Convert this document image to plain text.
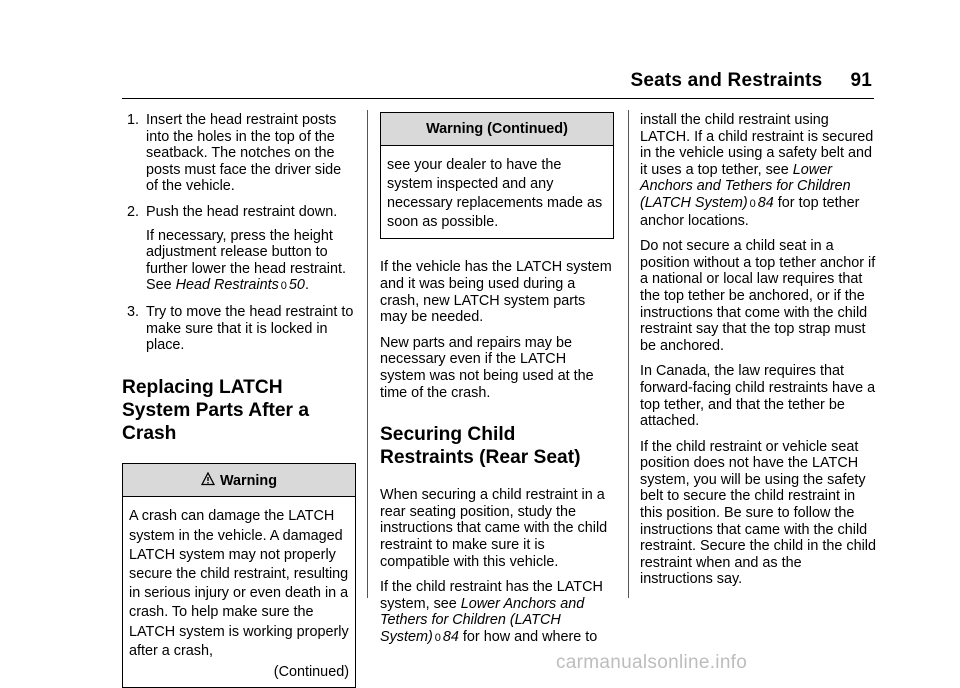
Seats and Restraints 91
1. Insert the head restraint posts into the holes in the top of the seatback. The notches on the posts must face the driver side of the vehicle.
2. Push the head restraint down.
If necessary, press the height adjustment release button to further lower the head restraint. See Head Restraints 0 50.
3. Try to move the head restraint to make sure that it is locked in place.
Replacing LATCH System Parts After a Crash
Warning
A crash can damage the LATCH system in the vehicle. A damaged LATCH system may not properly secure the child restraint, resulting in serious injury or even death in a crash. To help make sure the LATCH system is working properly after a crash,
(Continued)
Warning (Continued)
see your dealer to have the system inspected and any necessary replacements made as soon as possible.

If the vehicle has the LATCH system and it was being used during a crash, new LATCH system parts may be needed.

New parts and repairs may be necessary even if the LATCH system was not being used at the time of the crash.

Securing Child Restraints (Rear Seat)

When securing a child restraint in a rear seating position, study the instructions that came with the child restraint to make sure it is compatible with this vehicle.

If the child restraint has the LATCH system, see Lower Anchors and Tethers for Children (LATCH System) 0 84 for how and where to

install the child restraint using LATCH. If a child restraint is secured in the vehicle using a safety belt and it uses a top tether, see Lower Anchors and Tethers for Children (LATCH System) 0 84 for top tether anchor locations.

Do not secure a child seat in a position without a top tether anchor if a national or local law requires that the top tether be anchored, or if the instructions that come with the child restraint say that the top strap must be anchored.

In Canada, the law requires that forward-facing child restraints have a top tether, and that the tether be attached.

If the child restraint or vehicle seat position does not have the LATCH system, you will be using the safety belt to secure the child restraint in this position. Be sure to follow the instructions that came with the child restraint. Secure the child in the child restraint when and as the instructions say.

carmanualsonline.info
